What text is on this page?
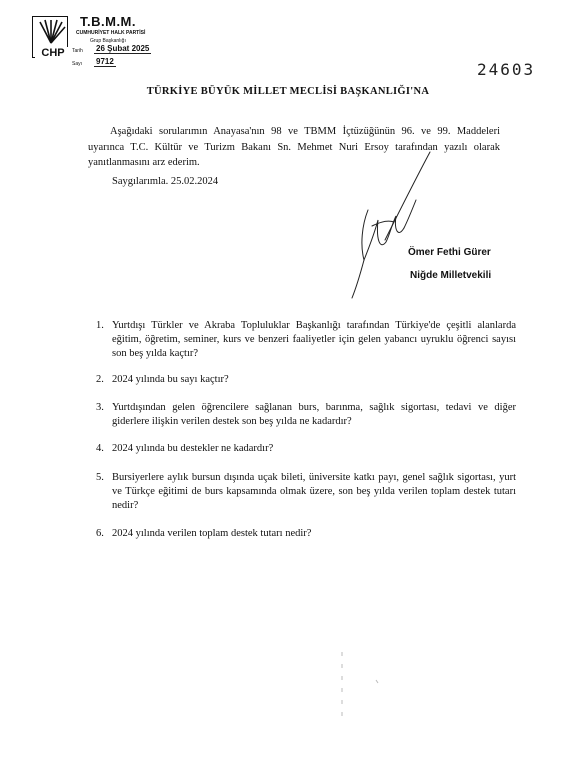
CHP
T.B.M.M.
CUMHURİYET HALK PARTİSİ
Grup Başkanlığı
Tarih 26 Şubat 2025
Sayı 9712	24603
TÜRKİYE BÜYÜK MİLLET MECLİSİ BAŞKANLIĞI'NA
Aşağıdaki sorularımın Anayasa'nın 98 ve TBMM İçtüzüğünün 96. ve 99. Maddeleri uyarınca T.C. Kültür ve Turizm Bakanı Sn. Mehmet Nuri Ersoy tarafından yazılı olarak yanıtlanmasını arz ederim.
Saygılarımla. 25.02.2024
Ömer Fethi Gürer
Niğde Milletvekili
1. Yurtdışı Türkler ve Akraba Topluluklar Başkanlığı tarafından Türkiye'de çeşitli alanlarda eğitim, öğretim, seminer, kurs ve benzeri faaliyetler için gelen yabancı uyruklu öğrenci sayısı son beş yılda kaçtır?
2. 2024 yılında bu sayı kaçtır?
3. Yurtdışından gelen öğrencilere sağlanan burs, barınma, sağlık sigortası, tedavi ve diğer giderlere ilişkin verilen destek son beş yılda ne kadardır?
4. 2024 yılında bu destekler ne kadardır?
5. Bursiyerlere aylık bursun dışında uçak bileti, üniversite katkı payı, genel sağlık sigortası, yurt ve Türkçe eğitimi de burs kapsamında olmak üzere, son beş yılda verilen toplam destek tutarı nedir?
6. 2024 yılında verilen toplam destek tutarı nedir?
